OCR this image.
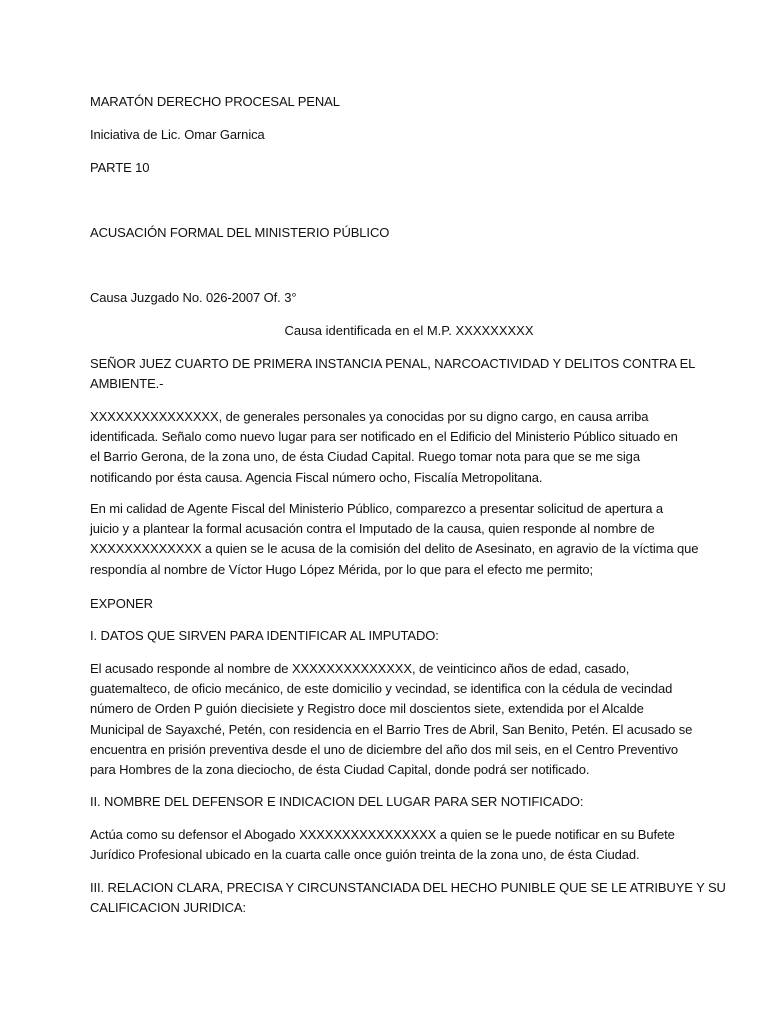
MARATÓN DERECHO PROCESAL PENAL
Iniciativa de Lic. Omar Garnica
PARTE 10
ACUSACIÓN FORMAL DEL MINISTERIO PÚBLICO
Causa Juzgado No. 026-2007 Of. 3°
Causa identificada en el M.P. XXXXXXXXX
SEÑOR JUEZ CUARTO DE PRIMERA INSTANCIA PENAL, NARCOACTIVIDAD Y DELITOS CONTRA EL
AMBIENTE.-
XXXXXXXXXXXXXXX, de generales personales ya conocidas por su digno cargo, en causa arriba
identificada. Señalo como nuevo lugar para ser notificado en el Edificio del Ministerio Público situado en
el Barrio Gerona, de la zona uno, de ésta Ciudad Capital. Ruego tomar nota para que se me siga
notificando por ésta causa. Agencia Fiscal número ocho, Fiscalía Metropolitana.
En mi calidad de Agente Fiscal del Ministerio Público, comparezco a presentar solicitud de apertura a
juicio y a plantear la formal acusación contra el Imputado de la causa, quien responde al nombre de
XXXXXXXXXXXXX a quien se le acusa de la comisión del delito de Asesinato, en agravio de la víctima que
respondía al nombre de Víctor Hugo López Mérida, por lo que para el efecto me permito;
EXPONER
I. DATOS QUE SIRVEN PARA IDENTIFICAR AL IMPUTADO:
El acusado responde al nombre de XXXXXXXXXXXXXX, de veinticinco años de edad, casado,
guatemalteco, de oficio mecánico, de este domicilio y vecindad, se identifica con la cédula de vecindad
número de Orden P guión diecisiete y Registro doce mil doscientos siete, extendida por el Alcalde
Municipal de Sayaxché, Petén, con residencia en el Barrio Tres de Abril, San Benito, Petén. El acusado se
encuentra en prisión preventiva desde el uno de diciembre del año dos mil seis, en el Centro Preventivo
para Hombres de la zona dieciocho, de ésta Ciudad Capital, donde podrá ser notificado.
II. NOMBRE DEL DEFENSOR E INDICACION DEL LUGAR PARA SER NOTIFICADO:
Actúa como su defensor el Abogado XXXXXXXXXXXXXXXX a quien se le puede notificar en su Bufete
Jurídico Profesional ubicado en la cuarta calle once guión treinta de la zona uno, de ésta Ciudad.
III. RELACION CLARA, PRECISA Y CIRCUNSTANCIADA DEL HECHO PUNIBLE QUE SE LE ATRIBUYE Y SU
CALIFICACION JURIDICA:
